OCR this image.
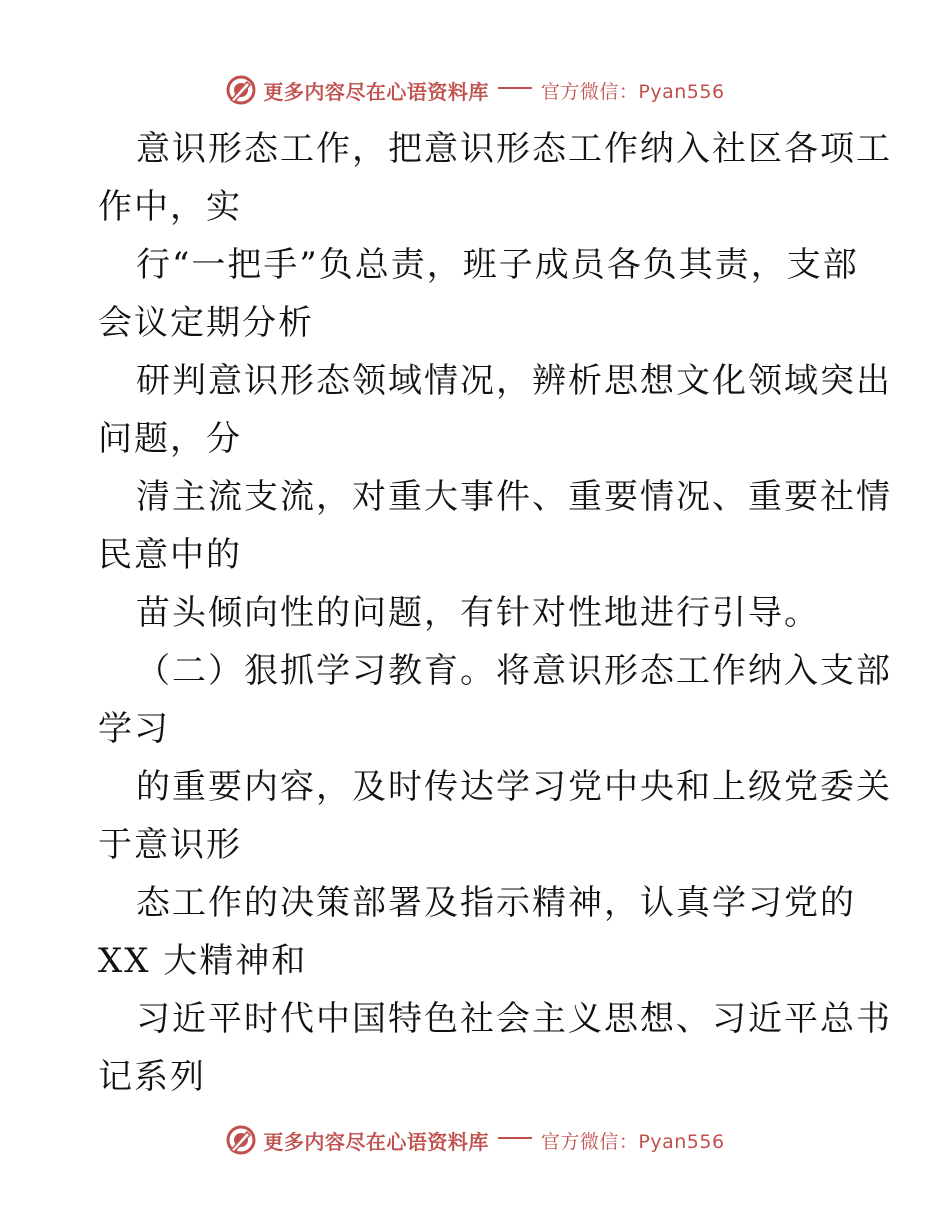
更多内容尽在心语资料库	官方微信：Pyan556
意识形态工作，把意识形态工作纳入社区各项工
作中，实
行“一把手”负总责，班子成员各负其责，支部
会议定期分析
研判意识形态领域情况，辨析思想文化领域突出
问题，分
清主流支流，对重大事件、重要情况、重要社情
民意中的
苗头倾向性的问题，有针对性地进行引导。
（二）狠抓学习教育。将意识形态工作纳入支部
学习
的重要内容，及时传达学习党中央和上级党委关
于意识形
态工作的决策部署及指示精神，认真学习党的
XX 大精神和
习近平时代中国特色社会主义思想、习近平总书
记系列
更多内容尽在心语资料库	官方微信：Pyan556
